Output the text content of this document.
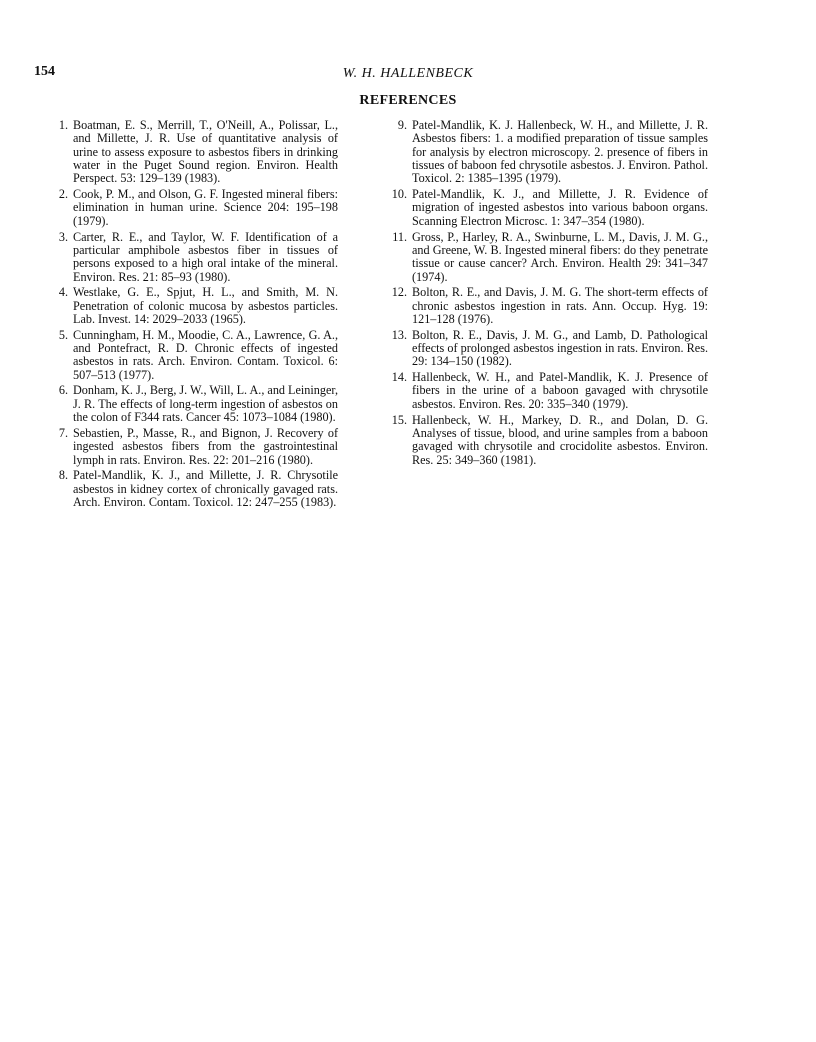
154	W. H. HALLENBECK
REFERENCES
1. Boatman, E. S., Merrill, T., O'Neill, A., Polissar, L., and Millette, J. R. Use of quantitative analysis of urine to assess exposure to asbestos fibers in drinking water in the Puget Sound region. Environ. Health Perspect. 53: 129–139 (1983).
2. Cook, P. M., and Olson, G. F. Ingested mineral fibers: elimination in human urine. Science 204: 195–198 (1979).
3. Carter, R. E., and Taylor, W. F. Identification of a particular amphibole asbestos fiber in tissues of persons exposed to a high oral intake of the mineral. Environ. Res. 21: 85–93 (1980).
4. Westlake, G. E., Spjut, H. L., and Smith, M. N. Penetration of colonic mucosa by asbestos particles. Lab. Invest. 14: 2029–2033 (1965).
5. Cunningham, H. M., Moodie, C. A., Lawrence, G. A., and Pontefract, R. D. Chronic effects of ingested asbestos in rats. Arch. Environ. Contam. Toxicol. 6: 507–513 (1977).
6. Donham, K. J., Berg, J. W., Will, L. A., and Leininger, J. R. The effects of long-term ingestion of asbestos on the colon of F344 rats. Cancer 45: 1073–1084 (1980).
7. Sebastien, P., Masse, R., and Bignon, J. Recovery of ingested asbestos fibers from the gastrointestinal lymph in rats. Environ. Res. 22: 201–216 (1980).
8. Patel-Mandlik, K. J., and Millette, J. R. Chrysotile asbestos in kidney cortex of chronically gavaged rats. Arch. Environ. Contam. Toxicol. 12: 247–255 (1983).
9. Patel-Mandlik, K. J. Hallenbeck, W. H., and Millette, J. R. Asbestos fibers: 1. a modified preparation of tissue samples for analysis by electron microscopy. 2. presence of fibers in tissues of baboon fed chrysotile asbestos. J. Environ. Pathol. Toxicol. 2: 1385–1395 (1979).
10. Patel-Mandlik, K. J., and Millette, J. R. Evidence of migration of ingested asbestos into various baboon organs. Scanning Electron Microsc. 1: 347–354 (1980).
11. Gross, P., Harley, R. A., Swinburne, L. M., Davis, J. M. G., and Greene, W. B. Ingested mineral fibers: do they penetrate tissue or cause cancer? Arch. Environ. Health 29: 341–347 (1974).
12. Bolton, R. E., and Davis, J. M. G. The short-term effects of chronic asbestos ingestion in rats. Ann. Occup. Hyg. 19: 121–128 (1976).
13. Bolton, R. E., Davis, J. M. G., and Lamb, D. Pathological effects of prolonged asbestos ingestion in rats. Environ. Res. 29: 134–150 (1982).
14. Hallenbeck, W. H., and Patel-Mandlik, K. J. Presence of fibers in the urine of a baboon gavaged with chrysotile asbestos. Environ. Res. 20: 335–340 (1979).
15. Hallenbeck, W. H., Markey, D. R., and Dolan, D. G. Analyses of tissue, blood, and urine samples from a baboon gavaged with chrysotile and crocidolite asbestos. Environ. Res. 25: 349–360 (1981).
